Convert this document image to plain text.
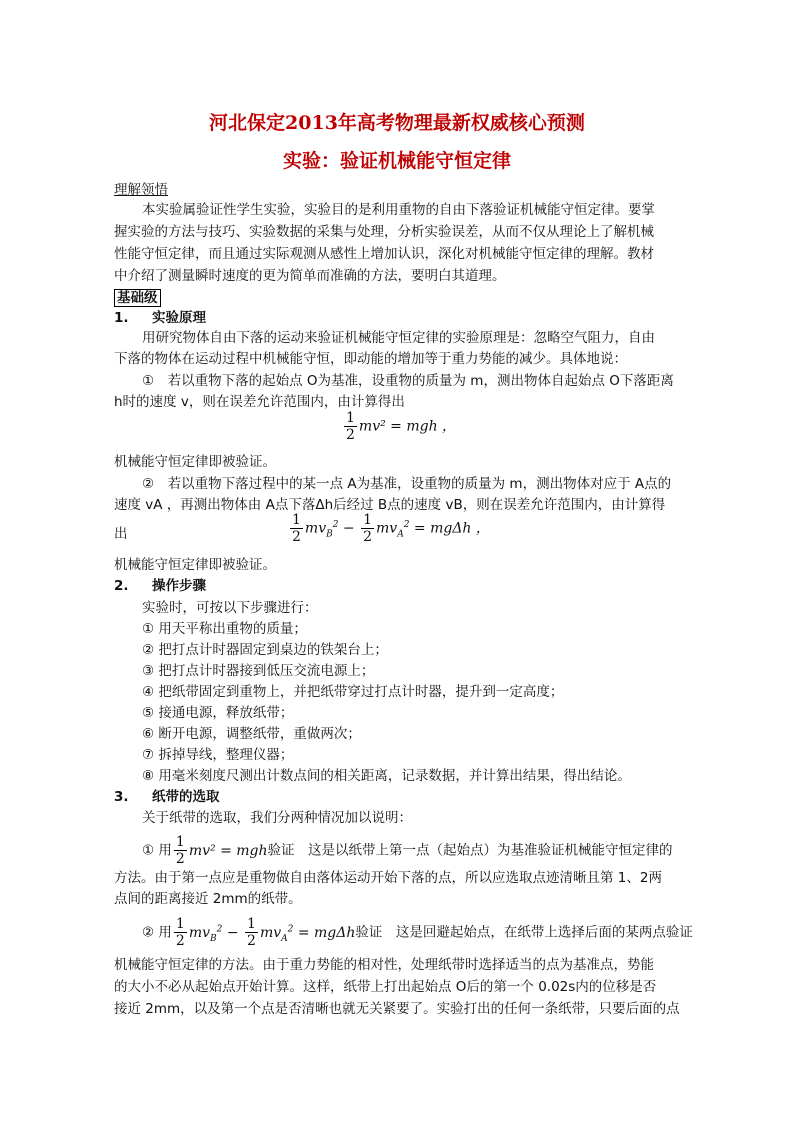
河北保定2013年高考物理最新权威核心预测
实验：验证机械能守恒定律
理解领悟
本实验属验证性学生实验，实验目的是利用重物的自由下落验证机械能守恒定律。要掌
握实验的方法与技巧、实验数据的采集与处理，分析实验误差，从而不仅从理论上了解机械
性能守恒定律，而且通过实际观测从感性上增加认识，深化对机械能守恒定律的理解。教材
中介绍了测量瞬时速度的更为简单而准确的方法，要明白其道理。
基础级
1. 实验原理
用研究物体自由下落的运动来验证机械能守恒定律的实验原理是：忽略空气阻力，自由
下落的物体在运动过程中机械能守恒，即动能的增加等于重力势能的减少。具体地说：
①　若以重物下落的起始点 O为基准，设重物的质量为 m，测出物体自起始点 O下落距离
h时的速度 v，则在误差允许范围内，由计算得出
$\frac{1}{2} mv^2$ = mgh ，
机械能守恒定律即被验证。
②　若以重物下落过程中的某一点 A为基准，设重物的质量为 m，测出物体对应于 A点的
速度 vA ，再测出物体由 A点下落Δh后经过 B点的速度 vB，则在误差允许范围内，由计算得
出	$\frac{1}{2} mv_B^2 - \frac{1}{2} mv_A^2 = mg\Delta h$ ，
机械能守恒定律即被验证。
2. 操作步骤
实验时，可按以下步骤进行：
① 用天平称出重物的质量；
② 把打点计时器固定到桌边的铁架台上；
③ 把打点计时器接到低压交流电源上；
④ 把纸带固定到重物上，并把纸带穿过打点计时器，提升到一定高度；
⑤ 接通电源，释放纸带；
⑥ 断开电源，调整纸带，重做两次；
⑦ 拆掉导线，整理仪器；
⑧ 用毫米刻度尺测出计数点间的相关距离，记录数据，并计算出结果，得出结论。
3. 纸带的选取
关于纸带的选取，我们分两种情况加以说明：
① 用 $\frac{1}{2} mv^2$ = mgh验证　这是以纸带上第一点（起始点）为基准验证机械能守恒定律的
方法。由于第一点应是重物做自由落体运动开始下落的点，所以应选取点迹清晰且第 1、2两
点间的距离接近 2mm的纸带。
② 用 $\frac{1}{2} mv_B^2 - \frac{1}{2} mv_A^2 = mg\Delta h$验证　这是回避起始点，在纸带上选择后面的某两点验证
机械能守恒定律的方法。由于重力势能的相对性，处理纸带时选择适当的点为基准点，势能
的大小不必从起始点开始计算。这样，纸带上打出起始点 O后的第一个 0.02s内的位移是否
接近 2mm，以及第一个点是否清晰也就无关紧要了。实验打出的任何一条纸带，只要后面的点
